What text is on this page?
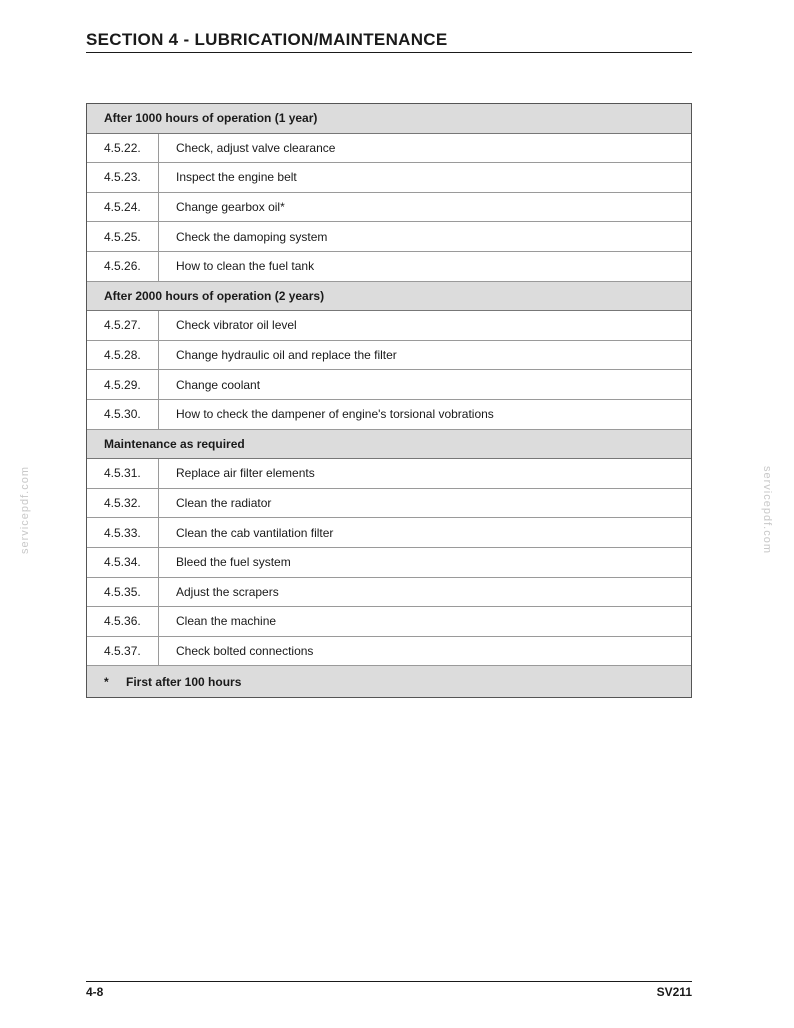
SECTION 4 - LUBRICATION/MAINTENANCE
servicepdf.com	servicepdf.com
After 1000 hours of operation (1 year)
4.5.22.	Check, adjust valve clearance
4.5.23.	Inspect the engine belt
4.5.24.	Change gearbox oil*
4.5.25.	Check the damoping system
4.5.26.	How to clean the fuel tank
After 2000 hours of operation (2 years)
4.5.27.	Check vibrator oil level
4.5.28.	Change hydraulic oil and replace the filter
4.5.29.	Change coolant
4.5.30.	How to check the dampener of engine's torsional vobrations
Maintenance as required
4.5.31.	Replace air filter elements
4.5.32.	Clean the radiator
4.5.33.	Clean the cab vantilation filter
4.5.34.	Bleed the fuel system
4.5.35.	Adjust the scrapers
4.5.36.	Clean the machine
4.5.37.	Check bolted connections
*	First after 100 hours
4-8	SV211
